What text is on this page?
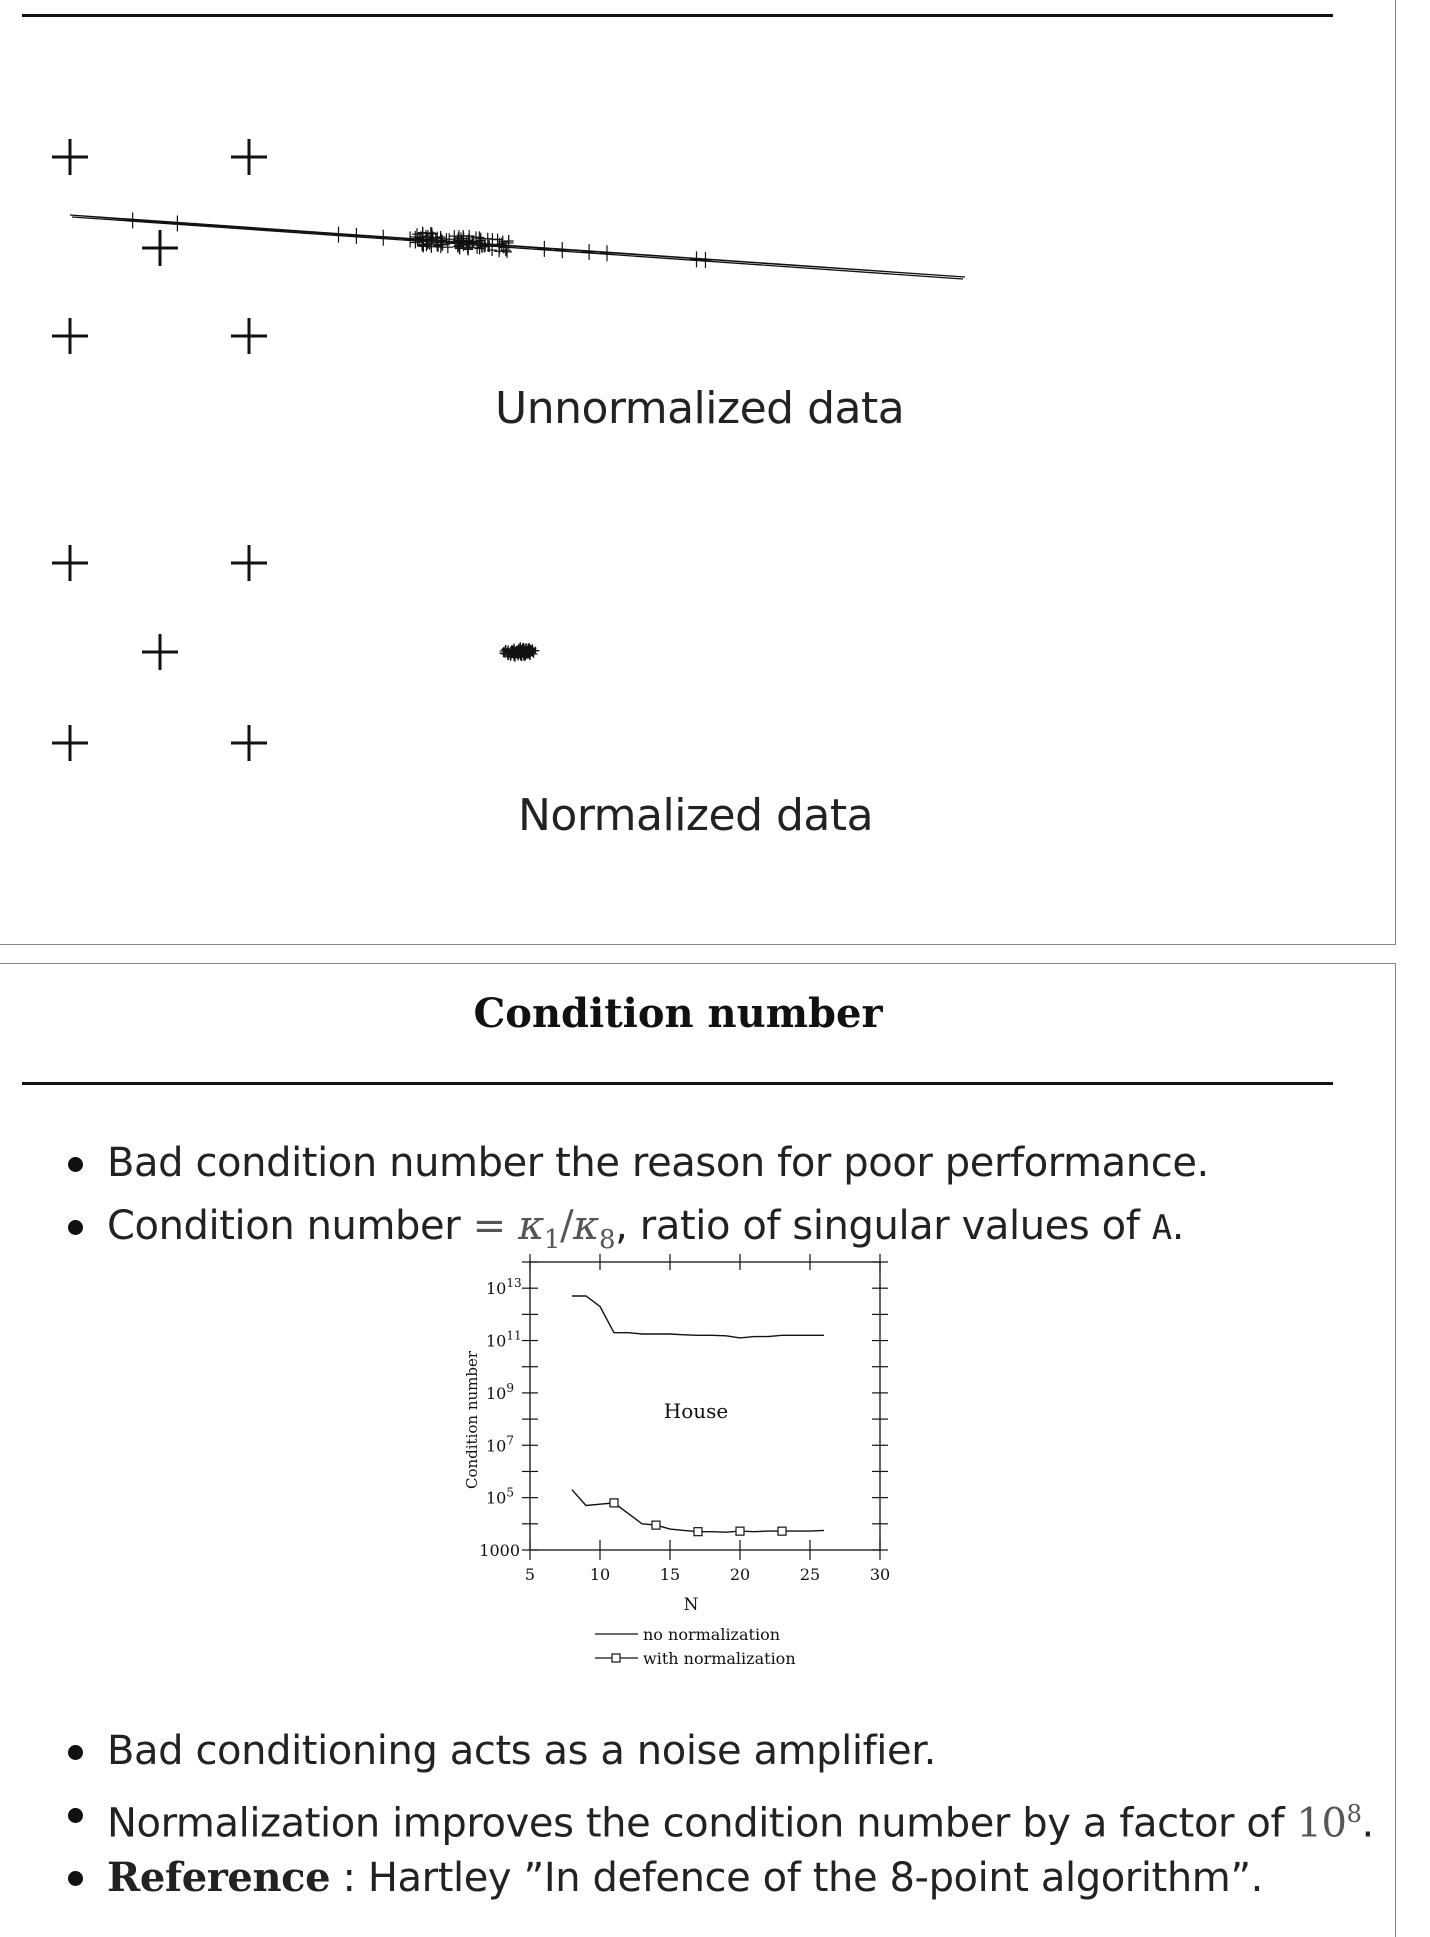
Unnormalized data
Normalized data
Condition number
Bad condition number the reason for poor performance.
Condition number = $\kappa_1/\kappa_8$, ratio of singular values of A.
5	10	15	20	25	30
1000
$10^5$
$10^7$
$10^9$
$10^{11}$
$10^{13}$
House
N
Condition number
no normalization
with normalization
Bad conditioning acts as a noise amplifier.
Normalization improves the condition number by a factor of $10^8$.
Reference : Hartley ”In defence of the 8-point algorithm”.
